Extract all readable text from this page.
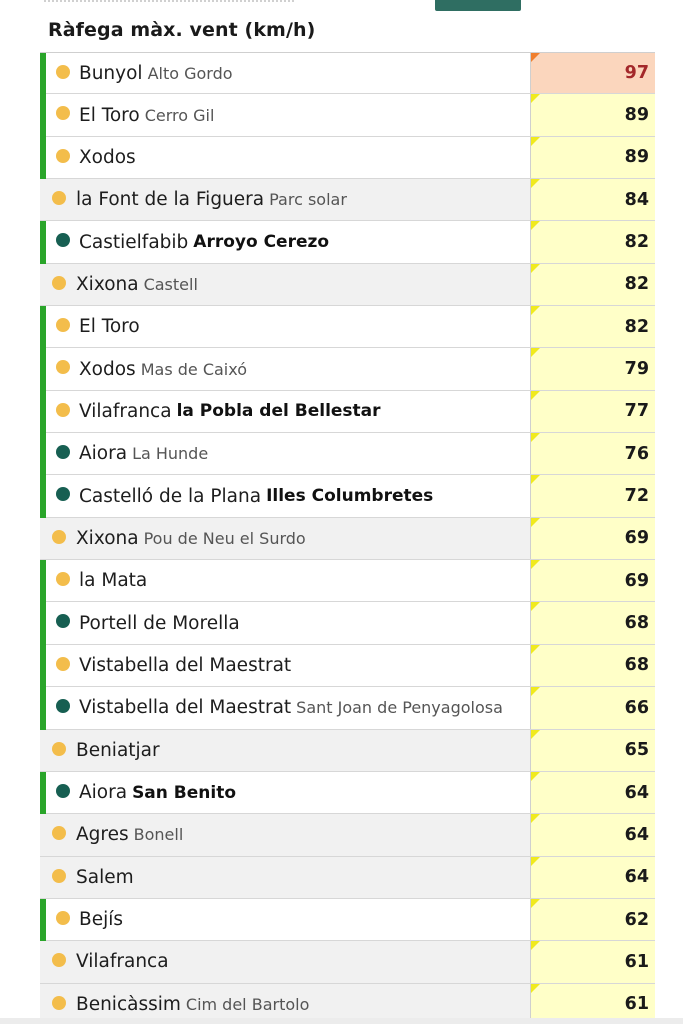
Ràfega màx. vent (km/h)
Bunyol Alto Gordo	97
El Toro Cerro Gil	89
Xodos	89
la Font de la Figuera Parc solar	84
Castielfabib Arroyo Cerezo	82
Xixona Castell	82
El Toro	82
Xodos Mas de Caixó	79
Vilafranca la Pobla del Bellestar	77
Aiora La Hunde	76
Castelló de la Plana Illes Columbretes	72
Xixona Pou de Neu el Surdo	69
la Mata	69
Portell de Morella	68
Vistabella del Maestrat	68
Vistabella del Maestrat Sant Joan de Penyagolosa	66
Beniatjar	65
Aiora San Benito	64
Agres Bonell	64
Salem	64
Bejís	62
Vilafranca	61
Benicàssim Cim del Bartolo	61
